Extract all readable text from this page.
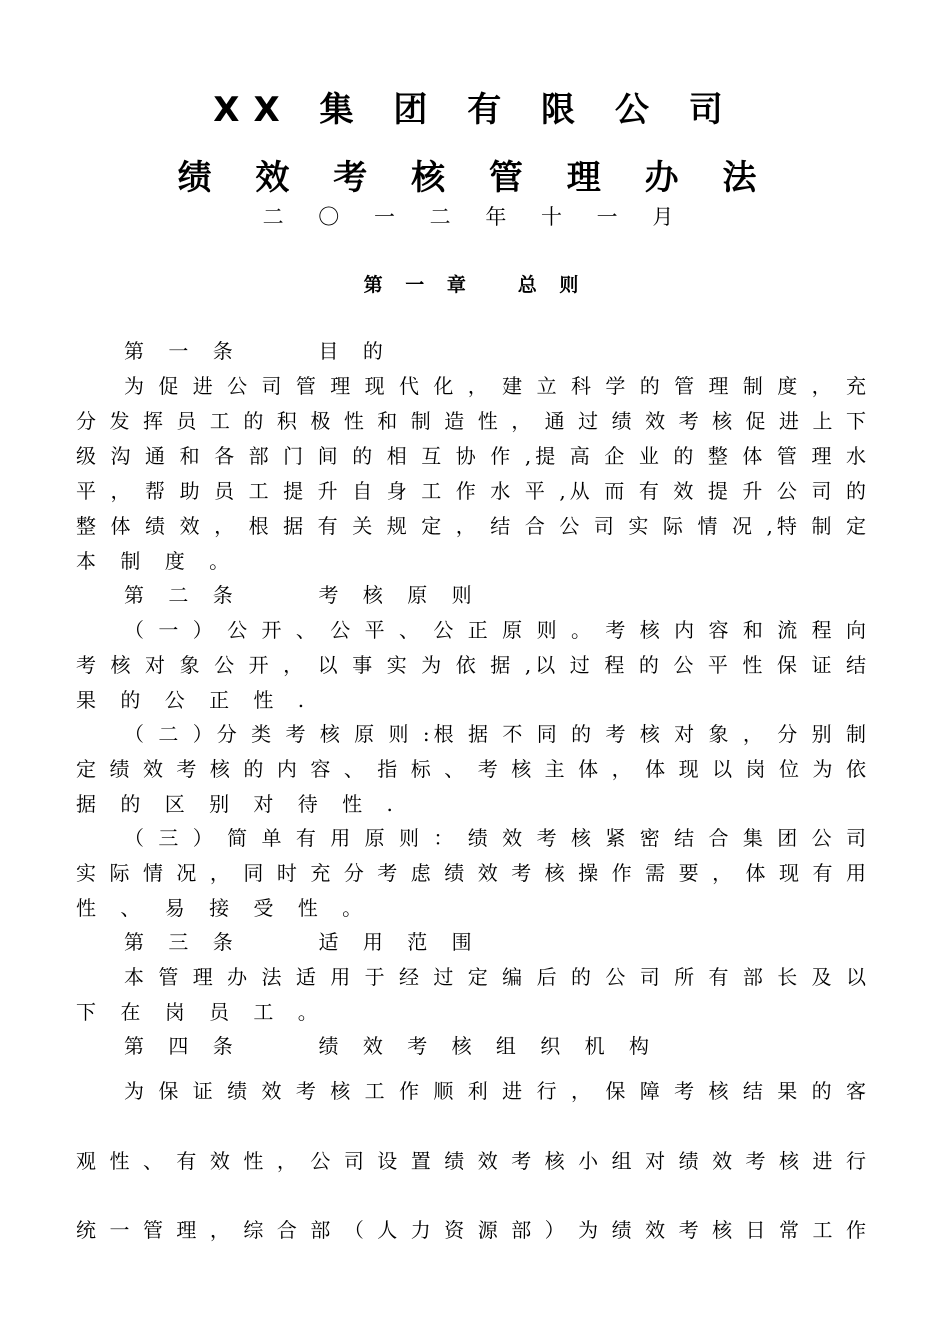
XX 集 团 有 限 公 司
绩 效 考 核 管 理 办 法
二 〇 一 二 年 十 一 月
第 一 章   总 则
第 一 条     目 的
为 促 进 公 司 管 理 现 代 化 ， 建 立 科 学 的 管 理 制 度 ， 充
分 发 挥 员 工 的 积 极 性 和 制 造 性 ， 通 过 绩 效 考 核 促 进 上 下
级 沟 通 和 各 部 门 间 的 相 互 协 作 ,提 高 企 业 的 整 体 管 理 水
平 ， 帮 助 员 工 提 升 自 身 工 作 水 平 ,从 而 有 效 提 升 公 司 的
整 体 绩 效 ， 根 据 有 关 规 定 ， 结 合 公 司 实 际 情 况 ,特 制 定
本 制 度 。
第 二 条     考 核 原 则
（ 一 ） 公 开 、 公 平 、 公 正 原 则 。 考 核 内 容 和 流 程 向
考 核 对 象 公 开 ， 以 事 实 为 依 据 ,以 过 程 的 公 平 性 保 证 结
果 的 公 正 性 .
（ 二 ）分 类 考 核 原 则 :根 据 不 同 的 考 核 对 象 ， 分 别 制
定 绩 效 考 核 的 内 容 、 指 标 、 考 核 主 体 ， 体 现 以 岗 位 为 依
据 的 区 别 对 待 性 .
（ 三 ） 简 单 有 用 原 则 ： 绩 效 考 核 紧 密 结 合 集 团 公 司
实 际 情 况 ， 同 时 充 分 考 虑 绩 效 考 核 操 作 需 要 ， 体 现 有 用
性 、 易 接 受 性 。
第 三 条     适 用 范 围
本 管 理 办 法 适 用 于 经 过 定 编 后 的 公 司 所 有 部 长 及 以
下 在 岗 员 工 。
第 四 条     绩 效 考 核 组 织 机 构
为 保 证 绩 效 考 核 工 作 顺 利 进 行 ， 保 障 考 核 结 果 的 客
观 性 、 有 效 性 ， 公 司 设 置 绩 效 考 核 小 组 对 绩 效 考 核 进 行
统 一 管 理 ， 综 合 部 （ 人 力 资 源 部 ） 为 绩 效 考 核 日 常 工 作
